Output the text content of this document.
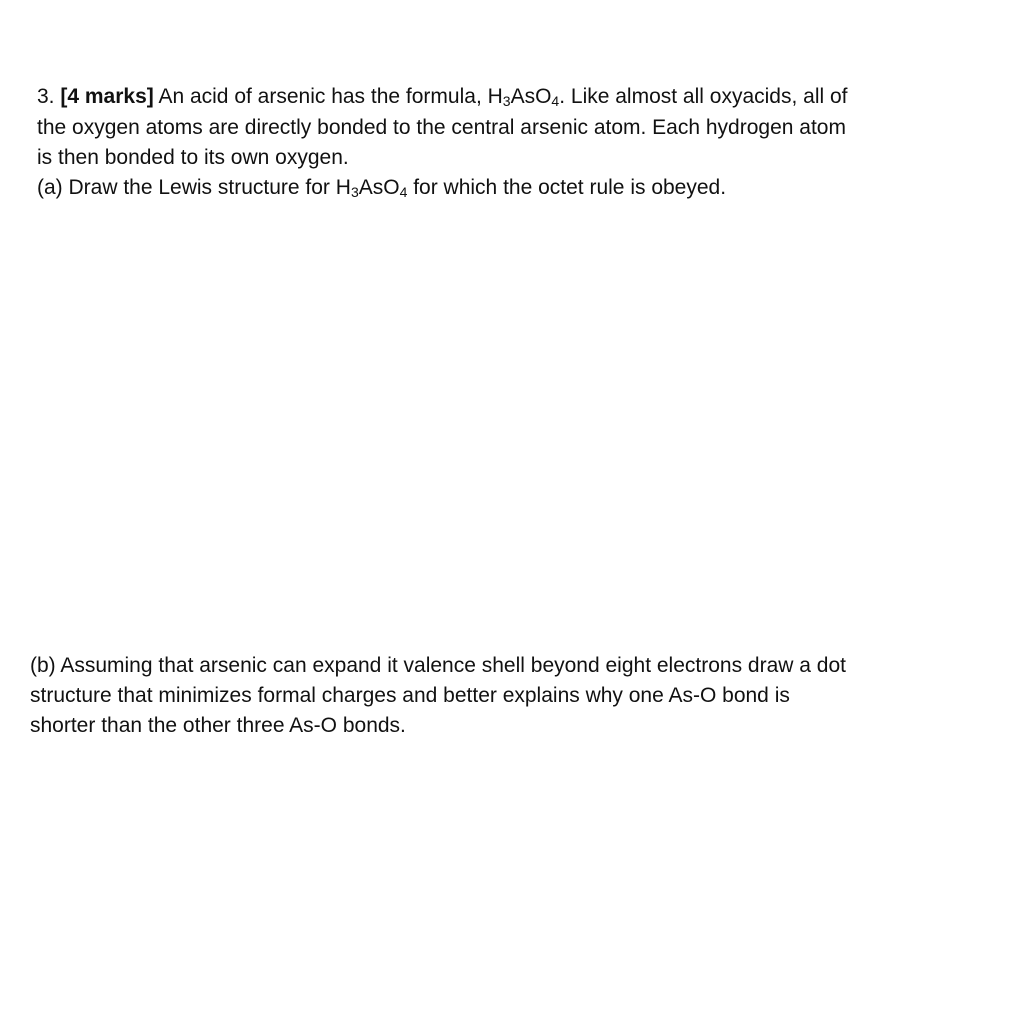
3. [4 marks] An acid of arsenic has the formula, $H_3AsO_4$. Like almost all oxyacids, all of
the oxygen atoms are directly bonded to the central arsenic atom. Each hydrogen atom
is then bonded to its own oxygen.
(a) Draw the Lewis structure for $H_3AsO_4$ for which the octet rule is obeyed.
(b) Assuming that arsenic can expand it valence shell beyond eight electrons draw a dot
structure that minimizes formal charges and better explains why one As-O bond is
shorter than the other three As-O bonds.
